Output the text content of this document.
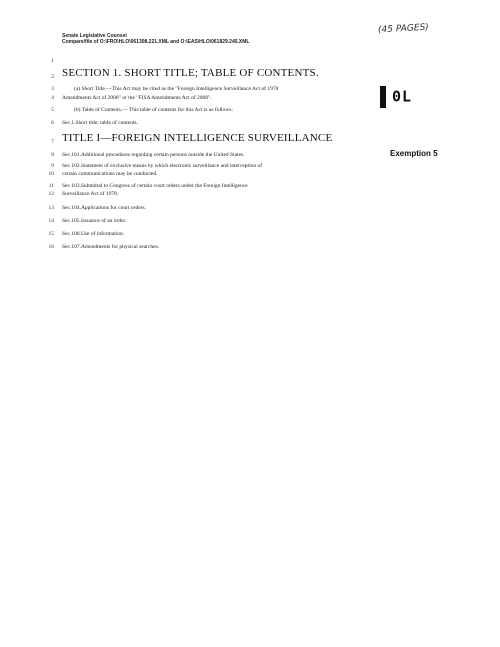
Senate Legislative Counsel
Compare/file of O:\FRO\HLO\061308.221.XML and O:\EAS\HLO\061829.245.XML
(45 PAGES)
0L
Exemption 5
1
2 SECTION 1. SHORT TITLE; TABLE OF CONTENTS.
3	(a) Short Title.—This Act may be cited as the "Foreign Intelligence Surveillance Act of 1978
4 Amendments Act of 2008" or the "FISA Amendments Act of 2008".
5	(b) Table of Contents.— This table of contents for this Act is as follows:
6 Sec.1.Short title; table of contents.
7 TITLE I—FOREIGN INTELLIGENCE SURVEILLANCE
8 Sec.101.Additional procedures regarding certain persons outside the United States.
9 Sec.102.Statement of exclusive means by which electronic surveillance and interception of
10 certain communications may be conducted.
11 Sec.103.Submittal to Congress of certain court orders under the Foreign Intelligence
12 Surveillance Act of 1978.
13 Sec.104.Applications for court orders.
14 Sec.105.Issuance of an order.
15 Sec.106.Use of information.
16 Sec.107.Amendments for physical searches.
